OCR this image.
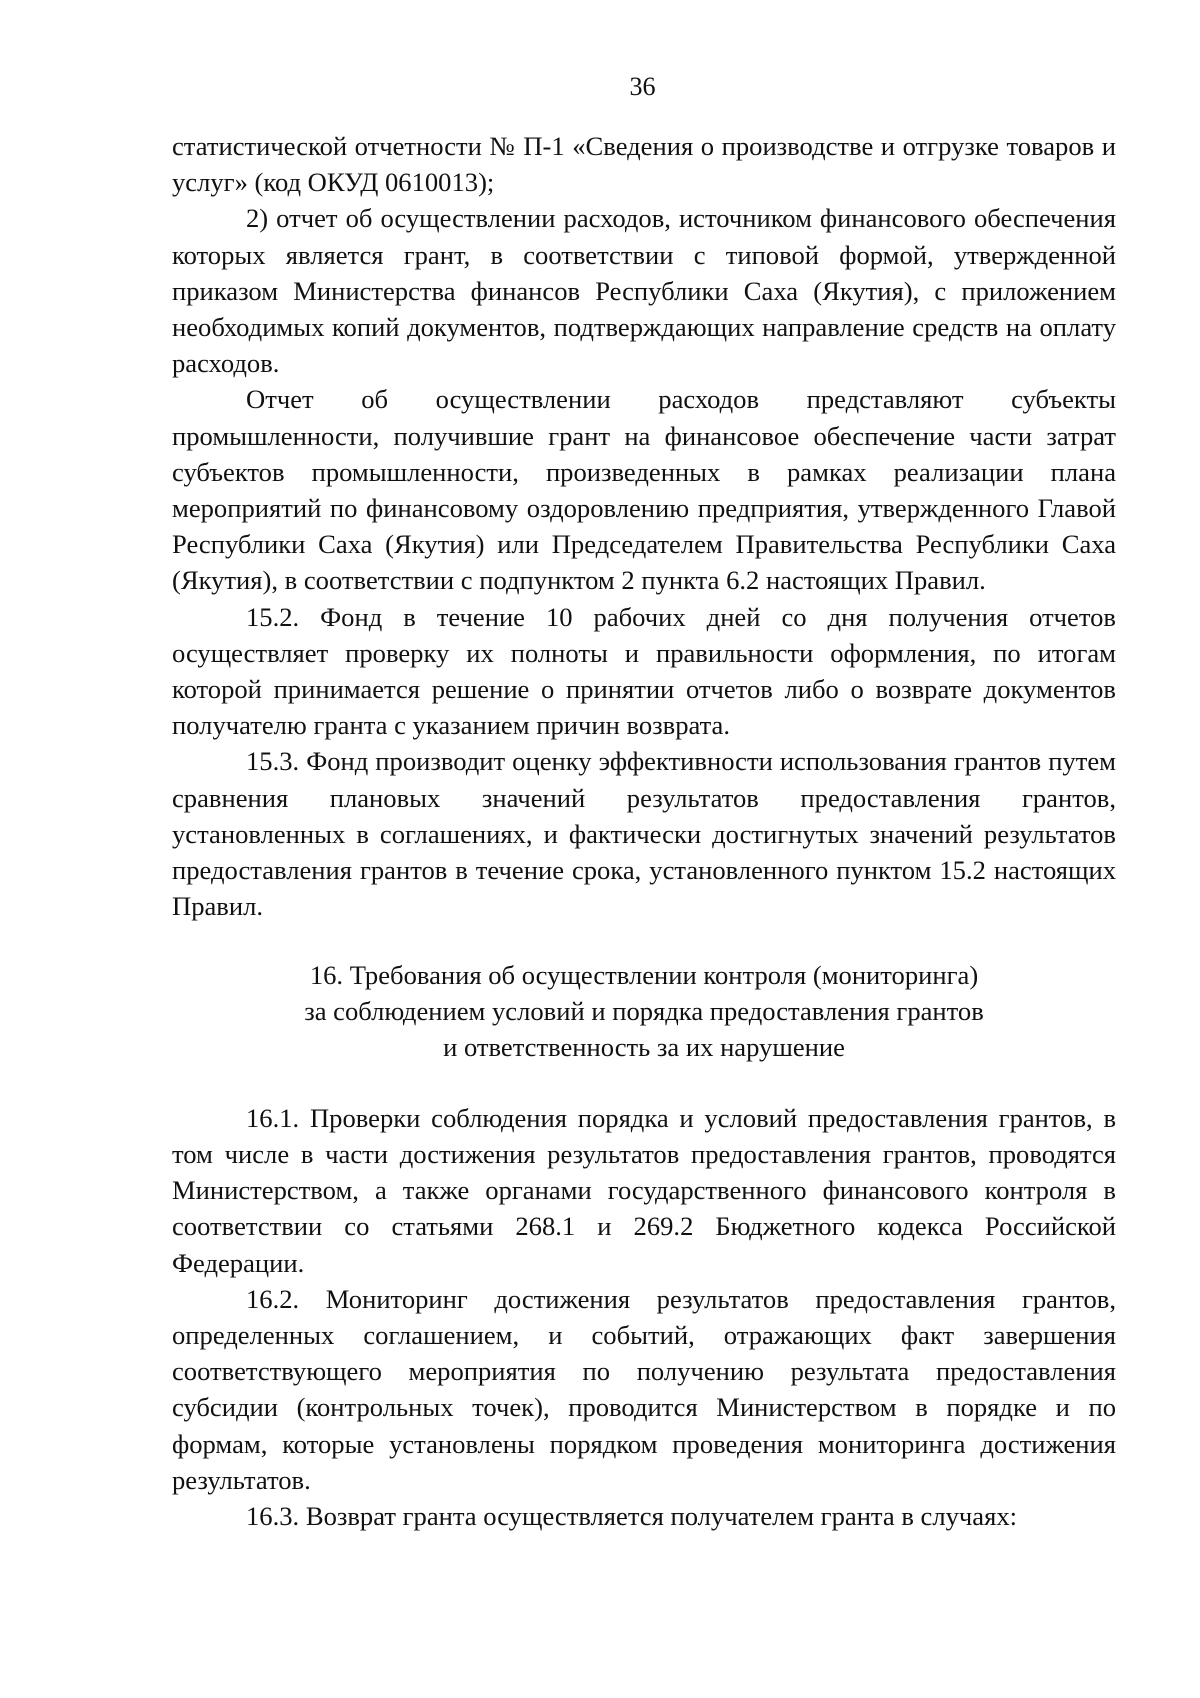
36

статистической отчетности № П-1 «Сведения о производстве и отгрузке товаров и услуг» (код ОКУД 0610013);

2) отчет об осуществлении расходов, источником финансового обеспечения которых является грант, в соответствии с типовой формой, утвержденной приказом Министерства финансов Республики Саха (Якутия), с приложением необходимых копий документов, подтверждающих направление средств на оплату расходов.

Отчет об осуществлении расходов представляют субъекты промышленности, получившие грант на финансовое обеспечение части затрат субъектов промышленности, произведенных в рамках реализации плана мероприятий по финансовому оздоровлению предприятия, утвержденного Главой Республики Саха (Якутия) или Председателем Правительства Республики Саха (Якутия), в соответствии с подпунктом 2 пункта 6.2 настоящих Правил.

15.2. Фонд в течение 10 рабочих дней со дня получения отчетов осуществляет проверку их полноты и правильности оформления, по итогам которой принимается решение о принятии отчетов либо о возврате документов получателю гранта с указанием причин возврата.

15.3. Фонд производит оценку эффективности использования грантов путем сравнения плановых значений результатов предоставления грантов, установленных в соглашениях, и фактически достигнутых значений результатов предоставления грантов в течение срока, установленного пунктом 15.2 настоящих Правил.

16. Требования об осуществлении контроля (мониторинга)
за соблюдением условий и порядка предоставления грантов
и ответственность за их нарушение

16.1. Проверки соблюдения порядка и условий предоставления грантов, в том числе в части достижения результатов предоставления грантов, проводятся Министерством, а также органами государственного финансового контроля в соответствии со статьями 268.1 и 269.2 Бюджетного кодекса Российской Федерации.

16.2. Мониторинг достижения результатов предоставления грантов, определенных соглашением, и событий, отражающих факт завершения соответствующего мероприятия по получению результата предоставления субсидии (контрольных точек), проводится Министерством в порядке и по формам, которые установлены порядком проведения мониторинга достижения результатов.

16.3. Возврат гранта осуществляется получателем гранта в случаях:
